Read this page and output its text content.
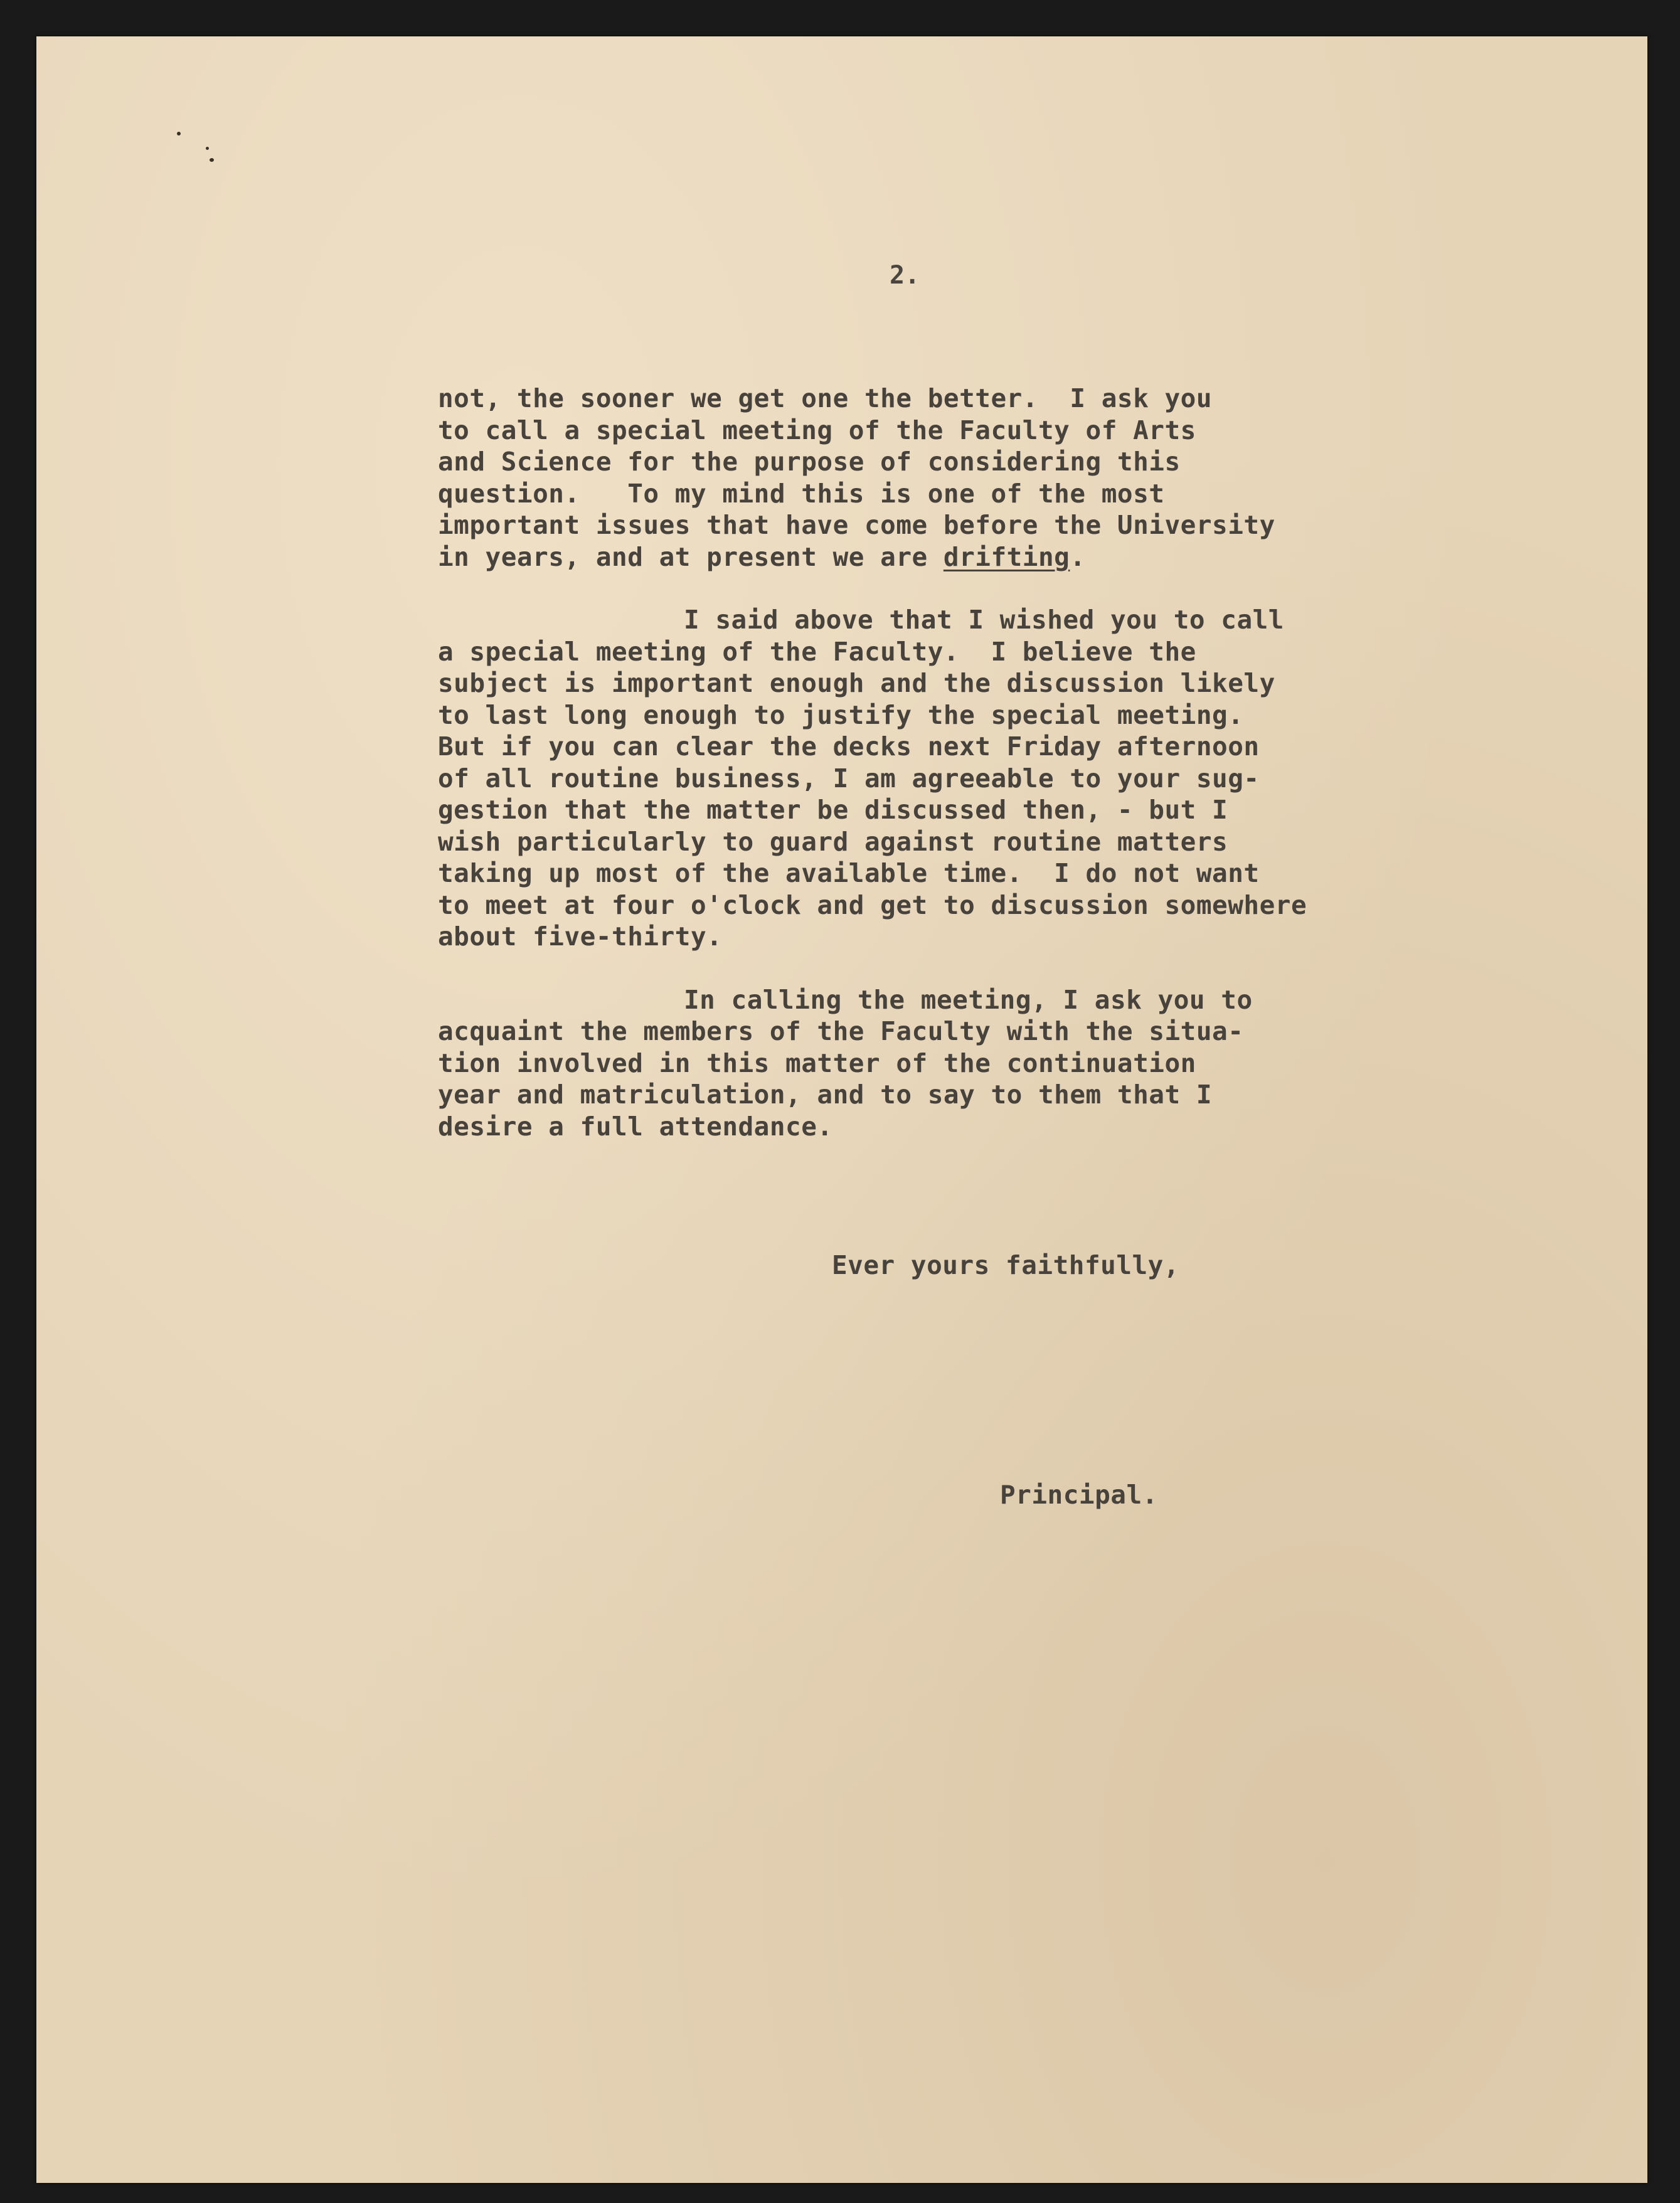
2.

not, the sooner we get one the better.  I ask you
to call a special meeting of the Faculty of Arts
and Science for the purpose of considering this
question.   To my mind this is one of the most
important issues that have come before the University
in years, and at present we are drifting.

I said above that I wished you to call
a special meeting of the Faculty.  I believe the
subject is important enough and the discussion likely
to last long enough to justify the special meeting.
But if you can clear the decks next Friday afternoon
of all routine business, I am agreeable to your sug-
gestion that the matter be discussed then, - but I
wish particularly to guard against routine matters
taking up most of the available time.  I do not want
to meet at four o'clock and get to discussion somewhere
about five-thirty.

In calling the meeting, I ask you to
acquaint the members of the Faculty with the situa-
tion involved in this matter of the continuation
year and matriculation, and to say to them that I
desire a full attendance.

Ever yours faithfully,

Principal.
